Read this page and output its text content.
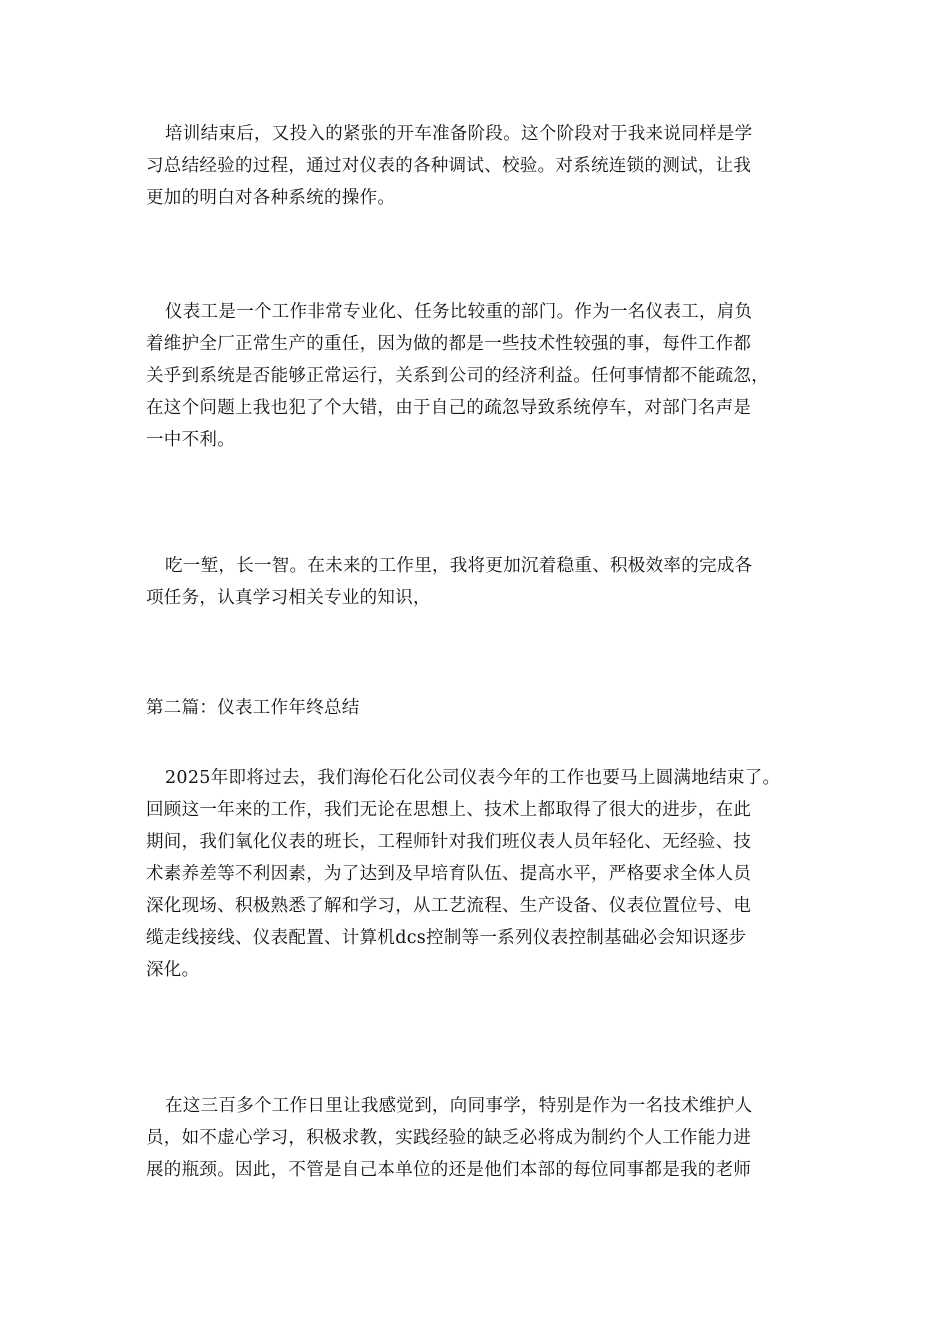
培训结束后，又投入的紧张的开车准备阶段。这个阶段对于我来说同样是学
习总结经验的过程，通过对仪表的各种调试、校验。对系统连锁的测试，让我
更加的明白对各种系统的操作。
仪表工是一个工作非常专业化、任务比较重的部门。作为一名仪表工，肩负
着维护全厂正常生产的重任，因为做的都是一些技术性较强的事，每件工作都
关乎到系统是否能够正常运行，关系到公司的经济利益。任何事情都不能疏忽，
在这个问题上我也犯了个大错，由于自己的疏忽导致系统停车，对部门名声是
一中不利。
吃一堑，长一智。在未来的工作里，我将更加沉着稳重、积极效率的完成各
项任务，认真学习相关专业的知识，
第二篇：仪表工作年终总结
2025年即将过去，我们海伦石化公司仪表今年的工作也要马上圆满地结束了。
回顾这一年来的工作，我们无论在思想上、技术上都取得了很大的进步，在此
期间，我们氧化仪表的班长，工程师针对我们班仪表人员年轻化、无经验、技
术素养差等不利因素，为了达到及早培育队伍、提高水平，严格要求全体人员
深化现场、积极熟悉了解和学习，从工艺流程、生产设备、仪表位置位号、电
缆走线接线、仪表配置、计算机dcs控制等一系列仪表控制基础必会知识逐步
深化。
在这三百多个工作日里让我感觉到，向同事学，特别是作为一名技术维护人
员，如不虚心学习，积极求教，实践经验的缺乏必将成为制约个人工作能力进
展的瓶颈。因此，不管是自己本单位的还是他们本部的每位同事都是我的老师
